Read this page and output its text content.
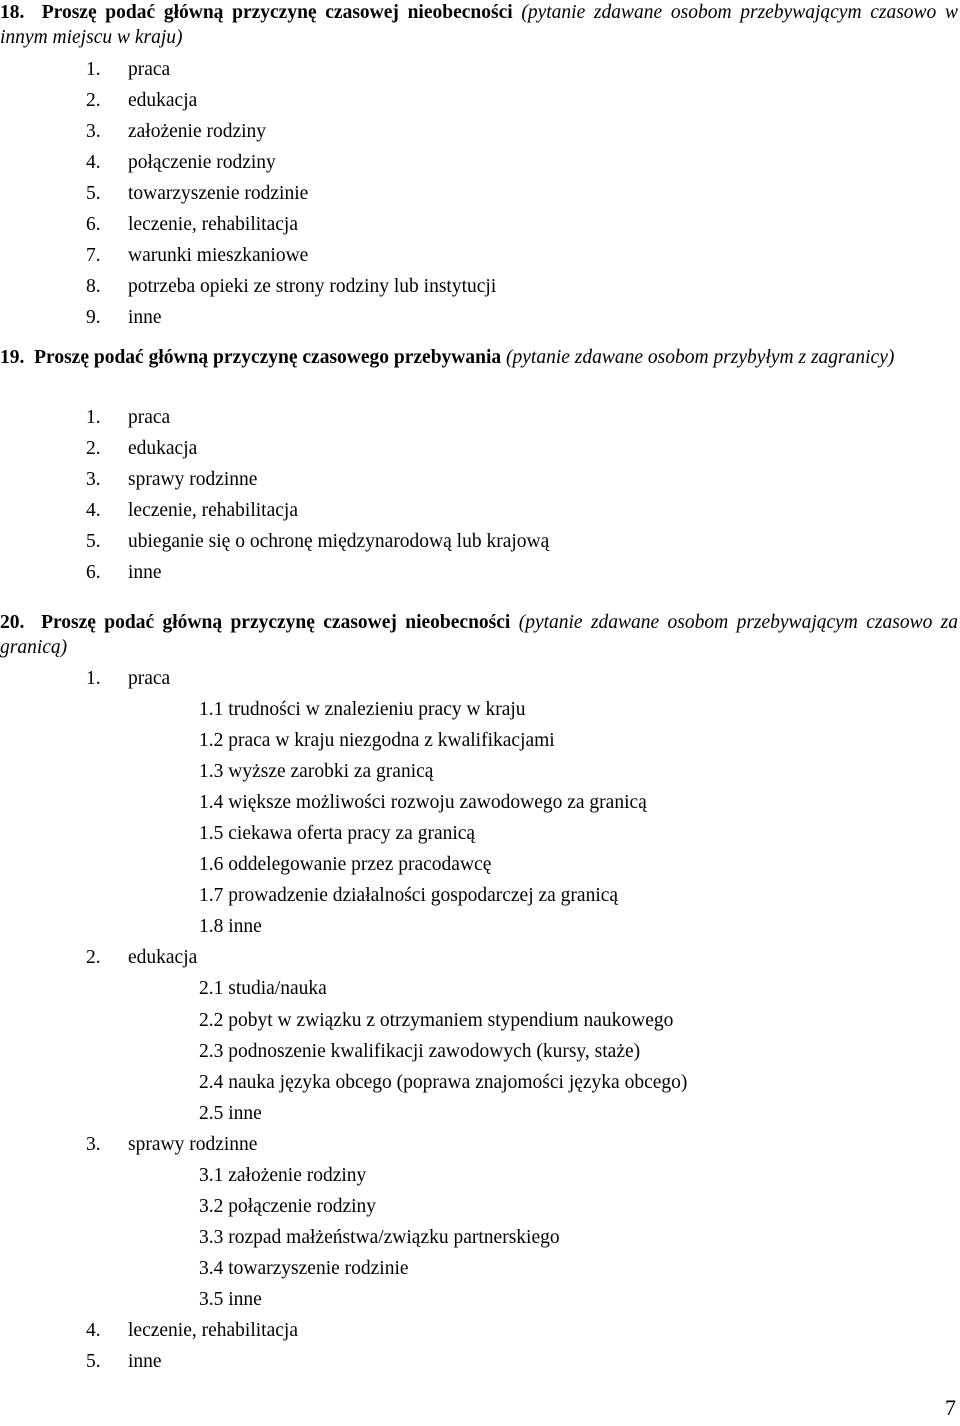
18. Proszę podać główną przyczynę czasowej nieobecności (pytanie zdawane osobom przebywającym czasowo w innym miejscu w kraju)
1. praca
2. edukacja
3. założenie rodziny
4. połączenie rodziny
5. towarzyszenie rodzinie
6. leczenie, rehabilitacja
7. warunki mieszkaniowe
8. potrzeba opieki ze strony rodziny lub instytucji
9. inne
19. Proszę podać główną przyczynę czasowego przebywania (pytanie zdawane osobom przybyłym z zagranicy)
1. praca
2. edukacja
3. sprawy rodzinne
4. leczenie, rehabilitacja
5. ubieganie się o ochronę międzynarodową lub krajową
6. inne
20. Proszę podać główną przyczynę czasowej nieobecności (pytanie zdawane osobom przebywającym czasowo za granicą)
1. praca
1.1 trudności w znalezieniu pracy w kraju
1.2 praca w kraju niezgodna z kwalifikacjami
1.3 wyższe zarobki za granicą
1.4 większe możliwości rozwoju zawodowego za granicą
1.5 ciekawa oferta pracy za granicą
1.6 oddelegowanie przez pracodawcę
1.7 prowadzenie działalności gospodarczej za granicą
1.8 inne
2. edukacja
2.1 studia/nauka
2.2 pobyt w związku z otrzymaniem stypendium naukowego
2.3 podnoszenie kwalifikacji zawodowych (kursy, staże)
2.4 nauka języka obcego (poprawa znajomości języka obcego)
2.5 inne
3. sprawy rodzinne
3.1 założenie rodziny
3.2 połączenie rodziny
3.3 rozpad małżeństwa/związku partnerskiego
3.4 towarzyszenie rodzinie
3.5 inne
4. leczenie, rehabilitacja
5. inne
7
